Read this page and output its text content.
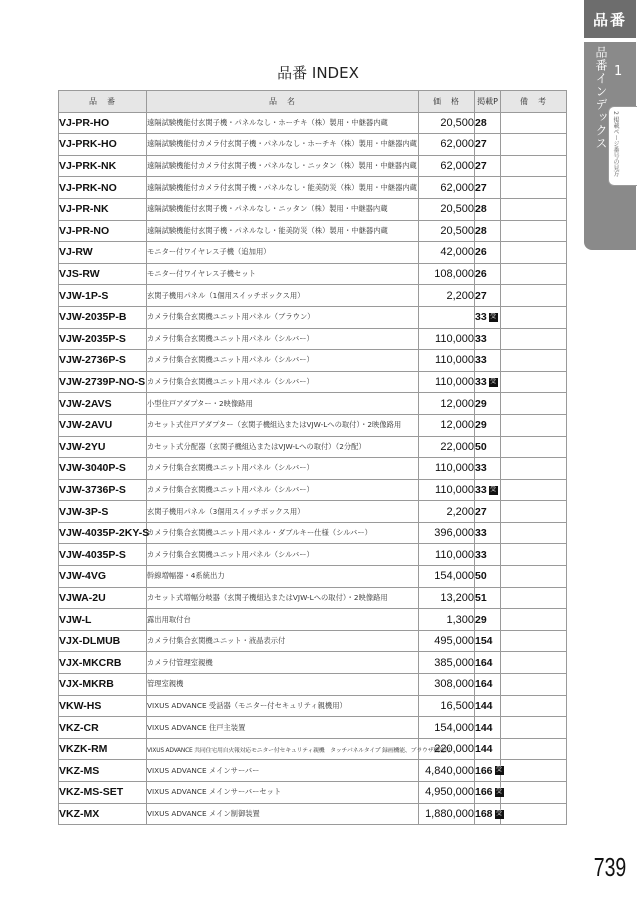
品番
品番インデックス 1
2 掲載ページ番号の見方
品番 INDEX
品　番	品　名	価　格	掲載P	備　考
VJ-PR-HO	遠隔試験機能付玄関子機・パネルなし・ホーチキ（株）製用・中継器内蔵	20,500	28	
VJ-PRK-HO	遠隔試験機能付カメラ付玄関子機・パネルなし・ホーチキ（株）製用・中継器内蔵	62,000	27	
VJ-PRK-NK	遠隔試験機能付カメラ付玄関子機・パネルなし・ニッタン（株）製用・中継器内蔵	62,000	27	
VJ-PRK-NO	遠隔試験機能付カメラ付玄関子機・パネルなし・能美防災（株）製用・中継器内蔵	62,000	27	
VJ-PR-NK	遠隔試験機能付玄関子機・パネルなし・ニッタン（株）製用・中継器内蔵	20,500	28	
VJ-PR-NO	遠隔試験機能付玄関子機・パネルなし・能美防災（株）製用・中継器内蔵	20,500	28	
VJ-RW	モニター付ワイヤレス子機（追加用）	42,000	26	
VJS-RW	モニター付ワイヤレス子機セット	108,000	26	
VJW-1P-S	玄関子機用パネル（1個用スイッチボックス用）	2,200	27	
VJW-2035P-B	カメラ付集合玄関機ユニット用パネル（ブラウン）		33 受	
VJW-2035P-S	カメラ付集合玄関機ユニット用パネル（シルバー）	110,000	33	
VJW-2736P-S	カメラ付集合玄関機ユニット用パネル（シルバー）	110,000	33	
VJW-2739P-NO-S	カメラ付集合玄関機ユニット用パネル（シルバー）	110,000	33 受	
VJW-2AVS	小型住戸アダプター・2映像路用	12,000	29	
VJW-2AVU	カセット式住戸アダプター（玄関子機組込またはVJW-Lへの取付）・2映像路用	12,000	29	
VJW-2YU	カセット式分配器（玄関子機組込またはVJW-Lへの取付）（2分配）	22,000	50	
VJW-3040P-S	カメラ付集合玄関機ユニット用パネル（シルバー）	110,000	33	
VJW-3736P-S	カメラ付集合玄関機ユニット用パネル（シルバー）	110,000	33 受	
VJW-3P-S	玄関子機用パネル（3個用スイッチボックス用）	2,200	27	
VJW-4035P-2KY-S	カメラ付集合玄関機ユニット用パネル・ダブルキー仕様（シルバー）	396,000	33	
VJW-4035P-S	カメラ付集合玄関機ユニット用パネル（シルバー）	110,000	33	
VJW-4VG	幹線増幅器・4系統出力	154,000	50	
VJWA-2U	カセット式増幅分岐器（玄関子機組込またはVJW-Lへの取付）・2映像路用	13,200	51	
VJW-L	露出用取付台	1,300	29	
VJX-DLMUB	カメラ付集合玄関機ユニット・液晶表示付	495,000	154	
VJX-MKCRB	カメラ付管理室親機	385,000	164	
VJX-MKRB	管理室親機	308,000	164	
VKW-HS	VIXUS ADVANCE 受話器（モニター付セキュリティ親機用）	16,500	144	
VKZ-CR	VIXUS ADVANCE 住戸主装置	154,000	144	
VKZK-RM	VIXUS ADVANCE 共同住宅用自火報対応モニター付セキュリティ親機　タッチパネルタイプ 録画機能、ブラウザ機能付	220,000	144	
VKZ-MS	VIXUS ADVANCE メインサーバー	4,840,000	166 受	
VKZ-MS-SET	VIXUS ADVANCE メインサーバーセット	4,950,000	166 受	
VKZ-MX	VIXUS ADVANCE メイン制御装置	1,880,000	168 受	
739
